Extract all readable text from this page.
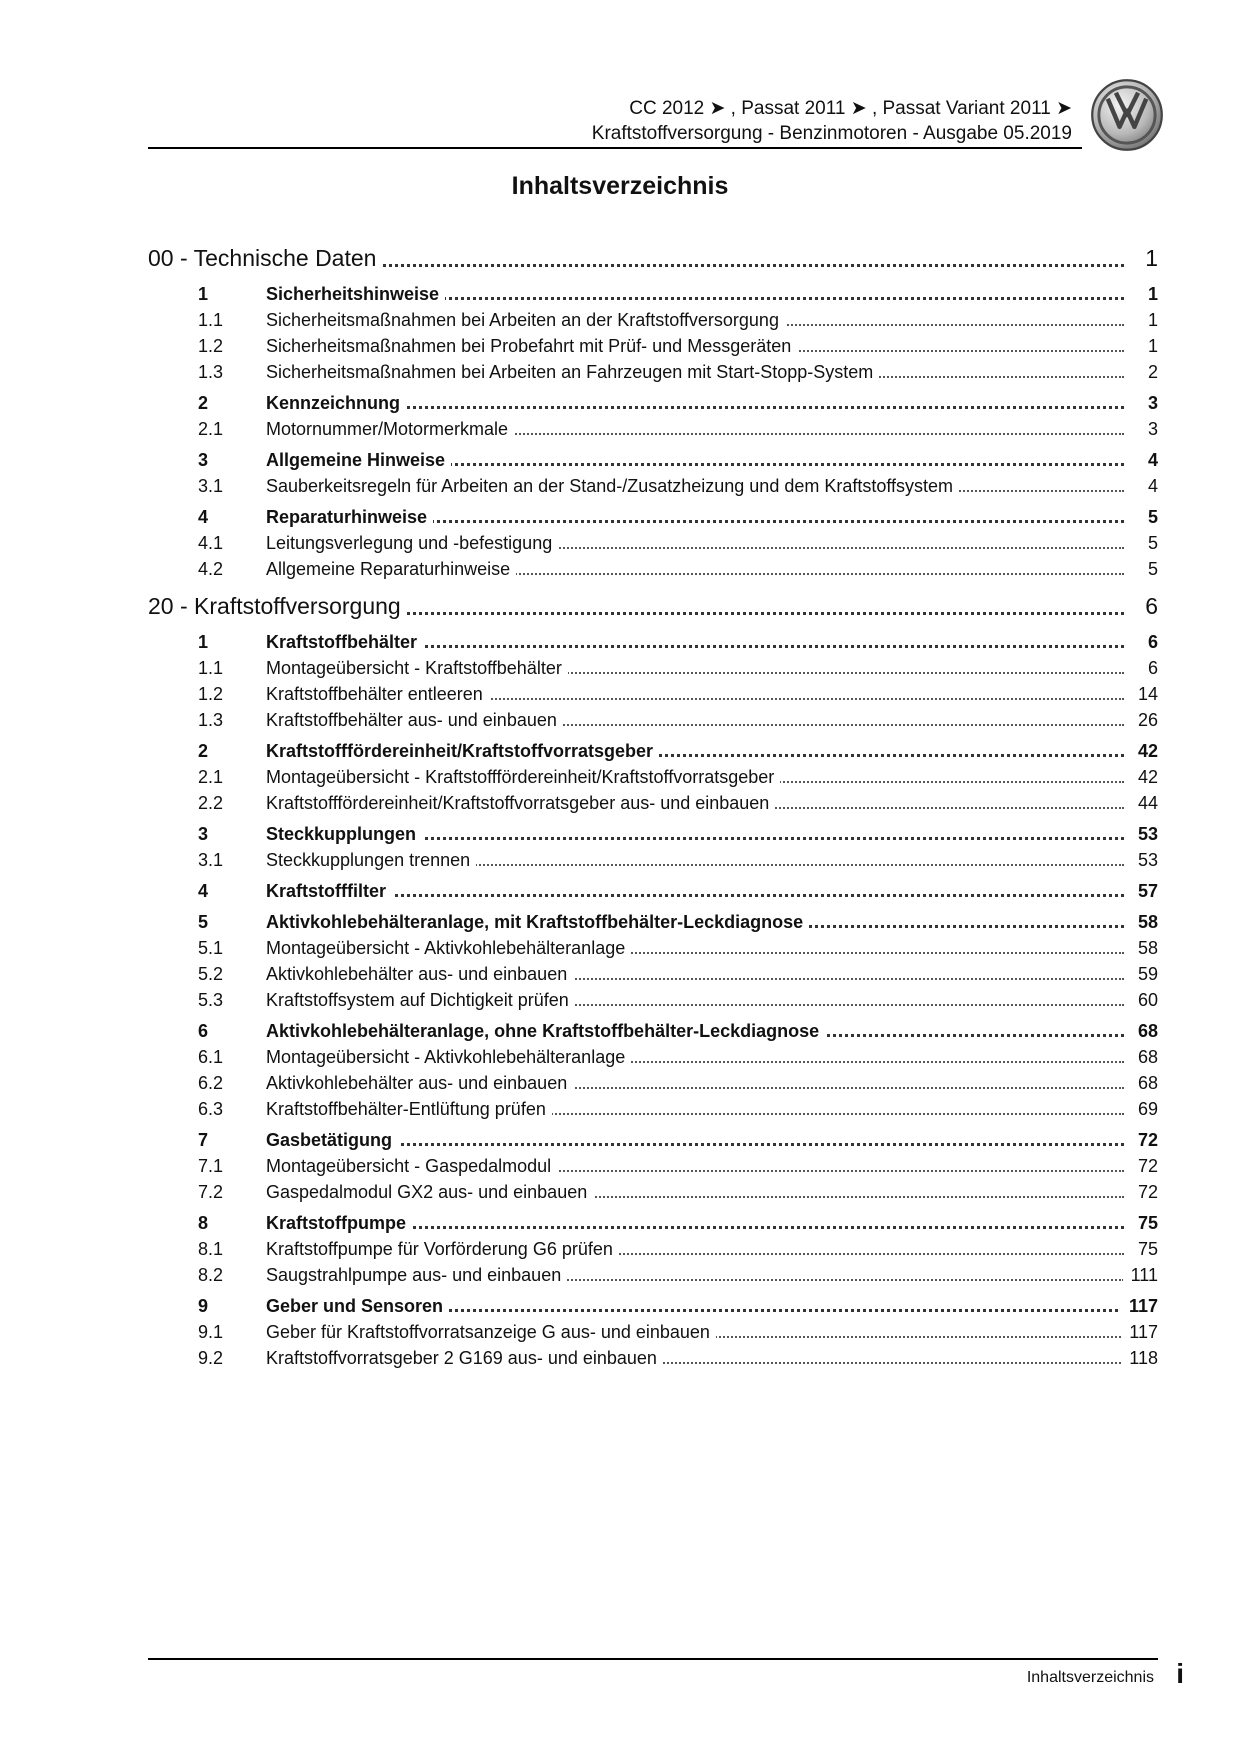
CC 2012 ➤ , Passat 2011 ➤ , Passat Variant 2011 ➤
Kraftstoffversorgung - Benzinmotoren - Ausgabe 05.2019
Inhaltsverzeichnis
00 - Technische Daten	1
1	Sicherheitshinweise	1
1.1	Sicherheitsmaßnahmen bei Arbeiten an der Kraftstoffversorgung	1
1.2	Sicherheitsmaßnahmen bei Probefahrt mit Prüf- und Messgeräten	1
1.3	Sicherheitsmaßnahmen bei Arbeiten an Fahrzeugen mit Start-Stopp-System	2
2	Kennzeichnung	3
2.1	Motornummer/Motormerkmale	3
3	Allgemeine Hinweise	4
3.1	Sauberkeitsregeln für Arbeiten an der Stand-/Zusatzheizung und dem Kraftstoffsystem	4
4	Reparaturhinweise	5
4.1	Leitungsverlegung und -befestigung	5
4.2	Allgemeine Reparaturhinweise	5
20 - Kraftstoffversorgung	6
1	Kraftstoffbehälter	6
1.1	Montageübersicht - Kraftstoffbehälter	6
1.2	Kraftstoffbehälter entleeren	14
1.3	Kraftstoffbehälter aus- und einbauen	26
2	Kraftstofffördereinheit/Kraftstoffvorratsgeber	42
2.1	Montageübersicht - Kraftstofffördereinheit/Kraftstoffvorratsgeber	42
2.2	Kraftstofffördereinheit/Kraftstoffvorratsgeber aus- und einbauen	44
3	Steckkupplungen	53
3.1	Steckkupplungen trennen	53
4	Kraftstofffilter	57
5	Aktivkohlebehälteranlage, mit Kraftstoffbehälter-Leckdiagnose	58
5.1	Montageübersicht - Aktivkohlebehälteranlage	58
5.2	Aktivkohlebehälter aus- und einbauen	59
5.3	Kraftstoffsystem auf Dichtigkeit prüfen	60
6	Aktivkohlebehälteranlage, ohne Kraftstoffbehälter-Leckdiagnose	68
6.1	Montageübersicht - Aktivkohlebehälteranlage	68
6.2	Aktivkohlebehälter aus- und einbauen	68
6.3	Kraftstoffbehälter-Entlüftung prüfen	69
7	Gasbetätigung	72
7.1	Montageübersicht - Gaspedalmodul	72
7.2	Gaspedalmodul GX2 aus- und einbauen	72
8	Kraftstoffpumpe	75
8.1	Kraftstoffpumpe für Vorförderung G6 prüfen	75
8.2	Saugstrahlpumpe aus- und einbauen	111
9	Geber und Sensoren	117
9.1	Geber für Kraftstoffvorratsanzeige G aus- und einbauen	117
9.2	Kraftstoffvorratsgeber 2 G169 aus- und einbauen	118
Inhaltsverzeichnis i
